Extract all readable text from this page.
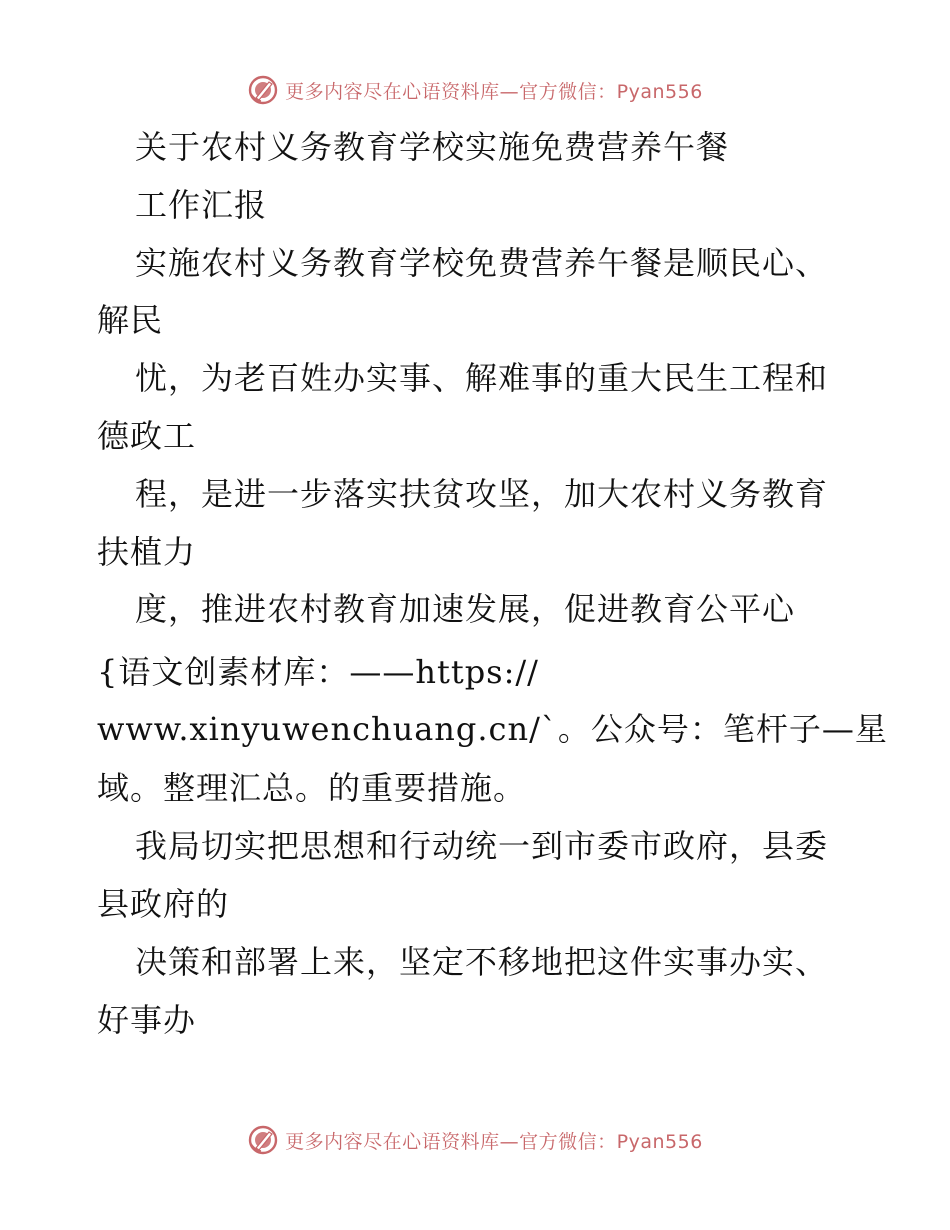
更多内容尽在心语资料库—官方微信：Pyan556
关于农村义务教育学校实施免费营养午餐
工作汇报
实施农村义务教育学校免费营养午餐是顺民心、
解民
忧，为老百姓办实事、解难事的重大民生工程和
德政工
程，是进一步落实扶贫攻坚，加大农村义务教育
扶植力
度，推进农村教育加速发展，促进教育公平心
{语文创素材库：——https://
www.xinyuwenchuang.cn/`。公众号：笔杆子—星
域。整理汇总。的重要措施。
我局切实把思想和行动统一到市委市政府，县委
县政府的
决策和部署上来，坚定不移地把这件实事办实、
好事办
更多内容尽在心语资料库—官方微信：Pyan556
